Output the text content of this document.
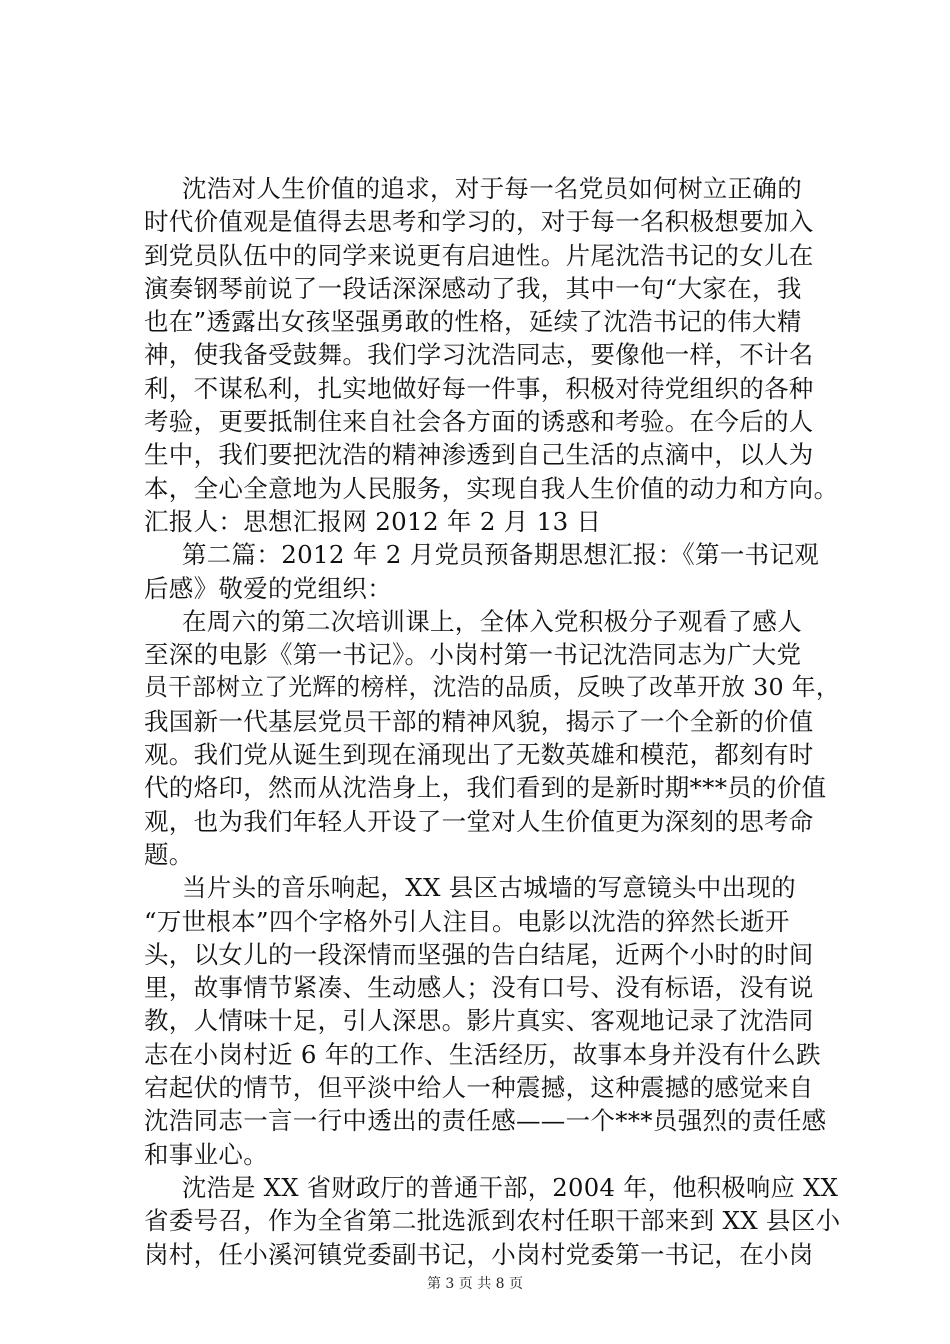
沈浩对人生价值的追求，对于每一名党员如何树立正确的
时代价值观是值得去思考和学习的，对于每一名积极想要加入
到党员队伍中的同学来说更有启迪性。片尾沈浩书记的女儿在
演奏钢琴前说了一段话深深感动了我，其中一句“大家在，我
也在”透露出女孩坚强勇敢的性格，延续了沈浩书记的伟大精
神，使我备受鼓舞。我们学习沈浩同志，要像他一样，不计名
利，不谋私利，扎实地做好每一件事，积极对待党组织的各种
考验，更要抵制住来自社会各方面的诱惑和考验。在今后的人
生中，我们要把沈浩的精神渗透到自己生活的点滴中，以人为
本，全心全意地为人民服务，实现自我人生价值的动力和方向。
汇报人：思想汇报网 2012 年 2 月 13 日
第二篇：2012 年 2 月党员预备期思想汇报：《第一书记观
后感》敬爱的党组织：
在周六的第二次培训课上，全体入党积极分子观看了感人
至深的电影《第一书记》。小岗村第一书记沈浩同志为广大党
员干部树立了光辉的榜样，沈浩的品质，反映了改革开放 30 年，
我国新一代基层党员干部的精神风貌，揭示了一个全新的价值
观。我们党从诞生到现在涌现出了无数英雄和模范，都刻有时
代的烙印，然而从沈浩身上，我们看到的是新时期***员的价值
观，也为我们年轻人开设了一堂对人生价值更为深刻的思考命
题。
当片头的音乐响起，XX 县区古城墙的写意镜头中出现的
“万世根本”四个字格外引人注目。电影以沈浩的猝然长逝开
头，以女儿的一段深情而坚强的告白结尾，近两个小时的时间
里，故事情节紧凑、生动感人；没有口号、没有标语，没有说
教，人情味十足，引人深思。影片真实、客观地记录了沈浩同
志在小岗村近 6 年的工作、生活经历，故事本身并没有什么跌
宕起伏的情节，但平淡中给人一种震撼，这种震撼的感觉来自
沈浩同志一言一行中透出的责任感——一个***员强烈的责任感
和事业心。
沈浩是 XX 省财政厅的普通干部，2004 年，他积极响应 XX
省委号召，作为全省第二批选派到农村任职干部来到 XX 县区小
岗村，任小溪河镇党委副书记，小岗村党委第一书记，在小岗
第 3 页 共 8 页
